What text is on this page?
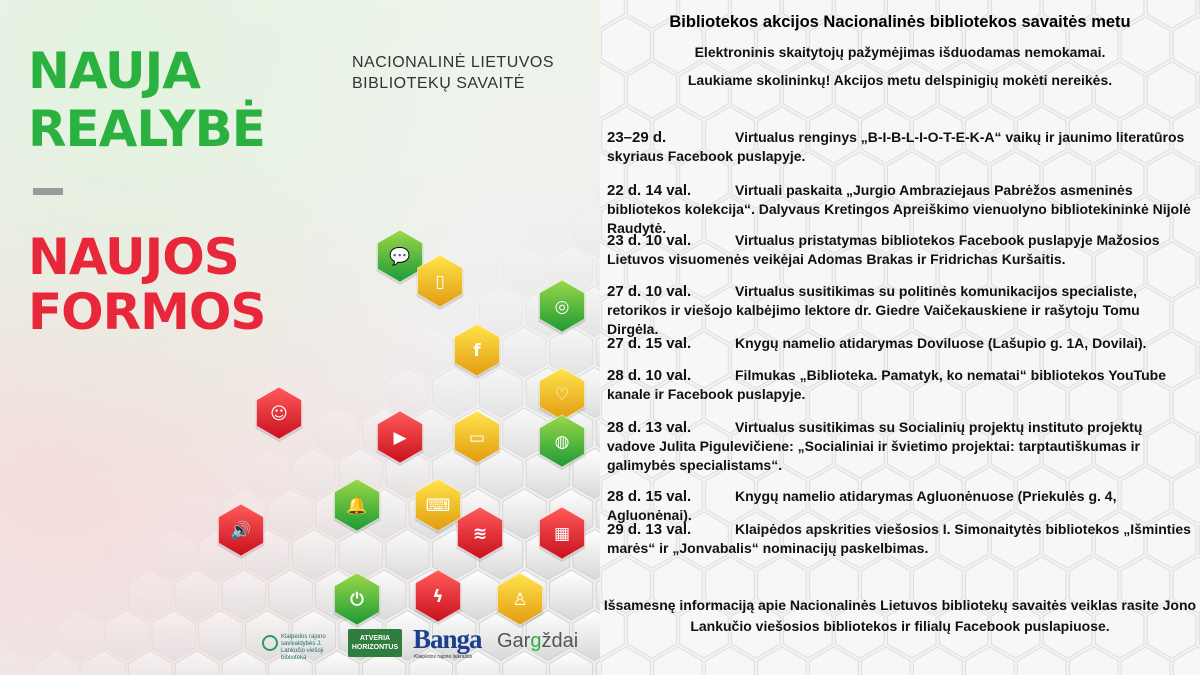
💬
▯
◎
f
♡
☺
▶	▭	◍
🔔	⌨
🔊	≋	▦
⏻	ϟ	♙
NAUJA
REALYBĖ
NAUJOS
FORMOS
NACIONALINĖ LIETUVOS
BIBLIOTEKŲ SAVAITĖ
Klaipėdos rajono savivaldybės J. Lankučio viešoji biblioteka
ATVERIA
HORIZONTUS Banga
Klaipėdos rajono laikraštis
Gargždai
Bibliotekos akcijos Nacionalinės bibliotekos savaitės metu

Elektroninis skaitytojų pažymėjimas išduodamas nemokamai.

Laukiame skolininkų! Akcijos metu delspinigių mokėti nereikės.

23–29 d.	Virtualus renginys „B-I-B-L-I-O-T-E-K-A“ vaikų ir jaunimo literatūros skyriaus Facebook puslapyje.

22 d. 14 val.	Virtuali paskaita „Jurgio Ambraziejaus Pabrėžos asmeninės bibliotekos kolekcija“. Dalyvaus Kretingos Apreiškimo vienuolyno bibliotekininkė Nijolė Raudytė.

23 d. 10 val.	Virtualus pristatymas bibliotekos Facebook puslapyje Mažosios Lietuvos visuomenės veikėjai Adomas Brakas ir Fridrichas Kuršaitis.

27 d. 10 val.	Virtualus susitikimas su politinės komunikacijos specialiste, retorikos ir viešojo kalbėjimo lektore dr. Giedre Vaičekauskiene ir rašytoju Tomu Dirgėla.

27 d. 15 val.	Knygų namelio atidarymas Doviluose (Lašupio g. 1A, Dovilai).

28 d. 10 val.	Filmukas „Biblioteka. Pamatyk, ko nematai“ bibliotekos YouTube kanale ir Facebook puslapyje.

28 d. 13 val.	Virtualus susitikimas su Socialinių projektų instituto projektų vadove Julita Pigulevičiene: „Socialiniai ir švietimo projektai: tarptautiškumas ir galimybės specialistams“.

28 d. 15 val.	Knygų namelio atidarymas Agluonėnuose (Priekulės g. 4, Agluonėnai).

29 d. 13 val.	Klaipėdos apskrities viešosios I. Simonaitytės bibliotekos „Išminties marės“ ir „Jonvabalis“ nominacijų paskelbimas.

Išsamesnę informaciją apie Nacionalinės Lietuvos bibliotekų savaitės veiklas rasite Jono Lankučio viešosios bibliotekos ir filialų Facebook puslapiuose.
